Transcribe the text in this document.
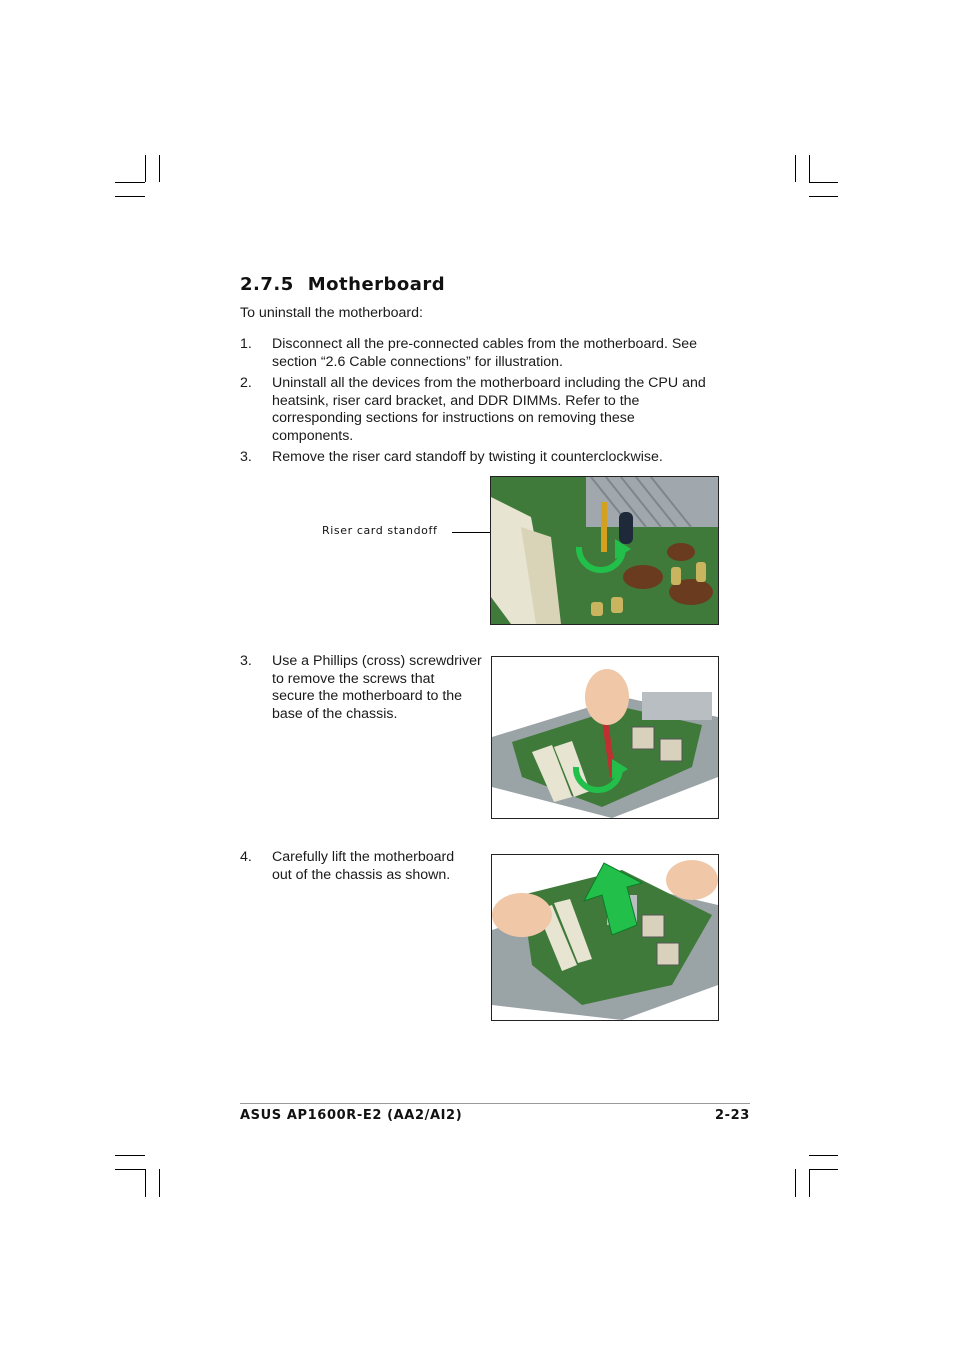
2.7.5 Motherboard
To uninstall the motherboard:
1. Disconnect all the pre-connected cables from the motherboard. See
section “2.6 Cable connections” for illustration.
2. Uninstall all the devices from the motherboard including the CPU and
heatsink, riser card bracket, and DDR DIMMs. Refer to the
corresponding sections for instructions on removing these
components.
3. Remove the riser card standoff by twisting it counterclockwise.
Riser card standoff
3. Use a Phillips (cross) screwdriver
to remove the screws that
secure the motherboard to the
base of the chassis.
4. Carefully lift the motherboard
out of the chassis as shown.
ASUS AP1600R-E2 (AA2/AI2)	2-23
